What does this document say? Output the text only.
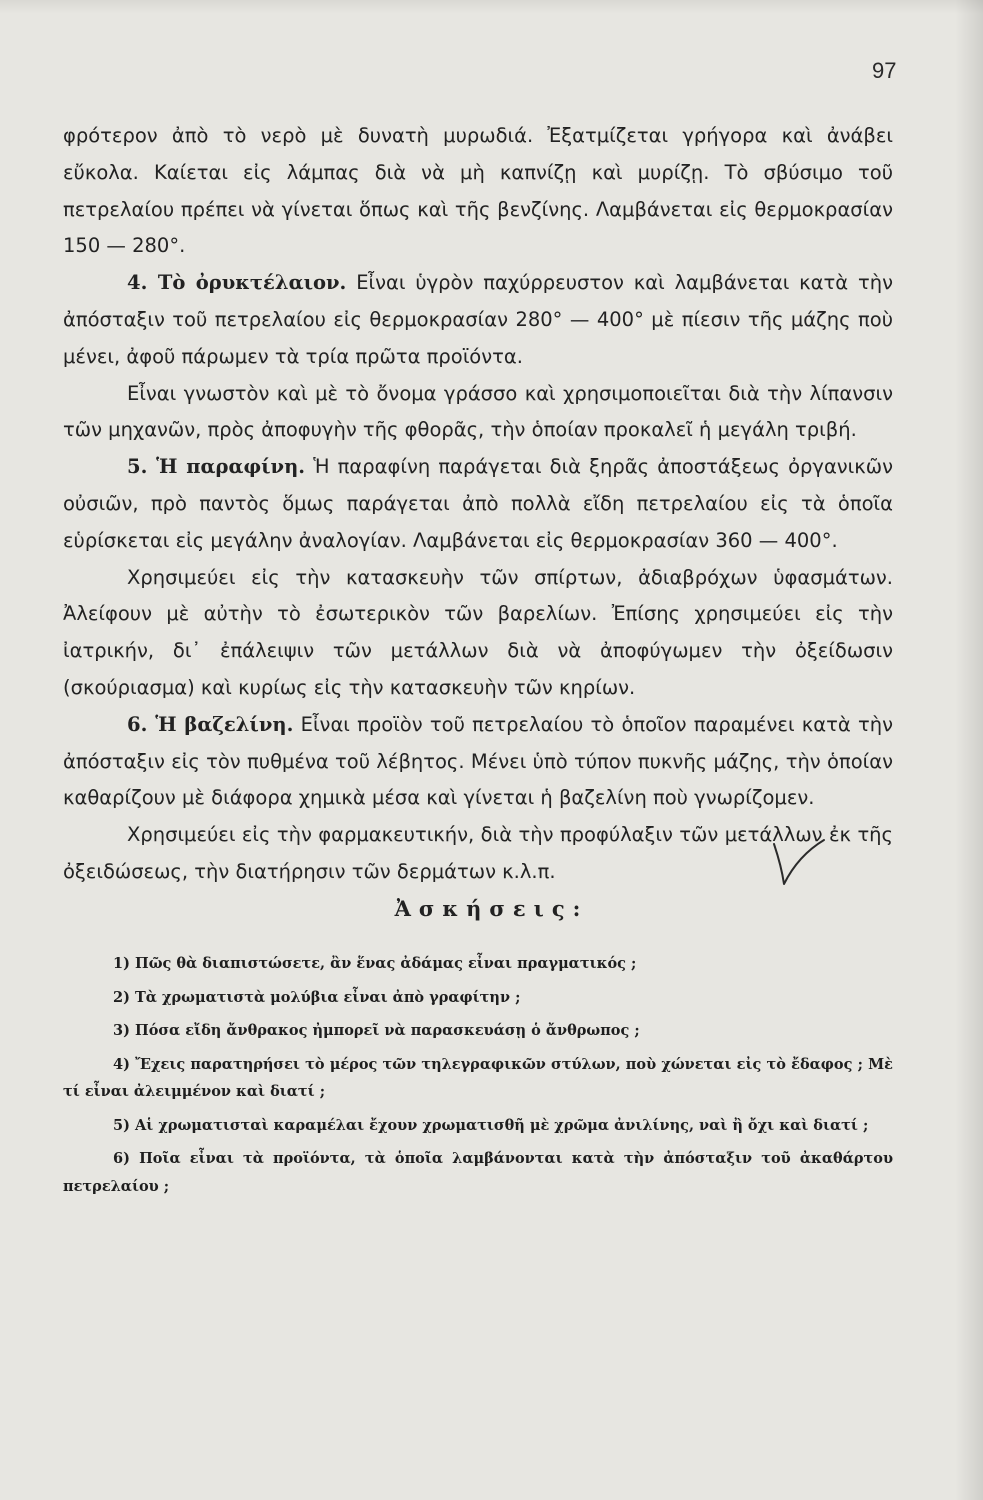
97

φρότερον ἀπὸ τὸ νερὸ μὲ δυνατὴ μυρωδιά. Ἐξατμίζεται γρήγορα καὶ ἀνάβει εὔκολα. Καίεται εἰς λάμπας διὰ νὰ μὴ καπνίζῃ καὶ μυρίζῃ. Τὸ σβύσιμο τοῦ πετρελαίου πρέπει νὰ γίνεται ὅπως καὶ τῆς βενζίνης. Λαμβάνεται εἰς θερμοκρασίαν 150 — 280°.

4. Τὸ ὀρυκτέλαιον. Εἶναι ὑγρὸν παχύρρευστον καὶ λαμβάνεται κατὰ τὴν ἀπόσταξιν τοῦ πετρελαίου εἰς θερμοκρασίαν 280° — 400° μὲ πίεσιν τῆς μάζης ποὺ μένει, ἀφοῦ πάρωμεν τὰ τρία πρῶτα προϊόντα.

Εἶναι γνωστὸν καὶ μὲ τὸ ὄνομα γράσσο καὶ χρησιμοποιεῖται διὰ τὴν λίπανσιν τῶν μηχανῶν, πρὸς ἀποφυγὴν τῆς φθορᾶς, τὴν ὁποίαν προκαλεῖ ἡ μεγάλη τριβή.

5. Ἡ παραφίνη. Ἡ παραφίνη παράγεται διὰ ξηρᾶς ἀποστάξεως ὀργανικῶν οὐσιῶν, πρὸ παντὸς ὅμως παράγεται ἀπὸ πολλὰ εἴδη πετρελαίου εἰς τὰ ὁποῖα εὑρίσκεται εἰς μεγάλην ἀναλογίαν. Λαμβάνεται εἰς θερμοκρασίαν 360 — 400°.

Χρησιμεύει εἰς τὴν κατασκευὴν τῶν σπίρτων, ἀδιαβρόχων ὑφασμάτων. Ἀλείφουν μὲ αὐτὴν τὸ ἐσωτερικὸν τῶν βαρελίων. Ἐπίσης χρησιμεύει εἰς τὴν ἰατρικήν, δι᾽ ἐπάλειψιν τῶν μετάλλων διὰ νὰ ἀποφύγωμεν τὴν ὀξείδωσιν (σκούριασμα) καὶ κυρίως εἰς τὴν κατασκευὴν τῶν κηρίων.

6. Ἡ βαζελίνη. Εἶναι προϊὸν τοῦ πετρελαίου τὸ ὁποῖον παραμένει κατὰ τὴν ἀπόσταξιν εἰς τὸν πυθμένα τοῦ λέβητος. Μένει ὑπὸ τύπον πυκνῆς μάζης, τὴν ὁποίαν καθαρίζουν μὲ διάφορα χημικὰ μέσα καὶ γίνεται ἡ βαζελίνη ποὺ γνωρίζομεν.

Χρησιμεύει εἰς τὴν φαρμακευτικήν, διὰ τὴν προφύλαξιν τῶν μετάλλων ἐκ τῆς ὀξειδώσεως, τὴν διατήρησιν τῶν δερμάτων κ.λ.π.

Ἀσκήσεις:

1) Πῶς θὰ διαπιστώσετε, ἂν ἕνας ἀδάμας εἶναι πραγματικός ;

2) Τὰ χρωματιστὰ μολύβια εἶναι ἀπὸ γραφίτην ;

3) Πόσα εἴδη ἄνθρακος ἠμπορεῖ νὰ παρασκευάσῃ ὁ ἄνθρωπος ;

4) Ἔχεις παρατηρήσει τὸ μέρος τῶν τηλεγραφικῶν στύλων, ποὺ χώνεται εἰς τὸ ἔδαφος ; Μὲ τί εἶναι ἀλειμμένον καὶ διατί ;

5) Αἱ χρωματισταὶ καραμέλαι ἔχουν χρωματισθῆ μὲ χρῶμα ἀνιλίνης, ναὶ ἢ ὄχι καὶ διατί ;

6) Ποῖα εἶναι τὰ προϊόντα, τὰ ὁποῖα λαμβάνονται κατὰ τὴν ἀπόσταξιν τοῦ ἀκαθάρτου πετρελαίου ;
